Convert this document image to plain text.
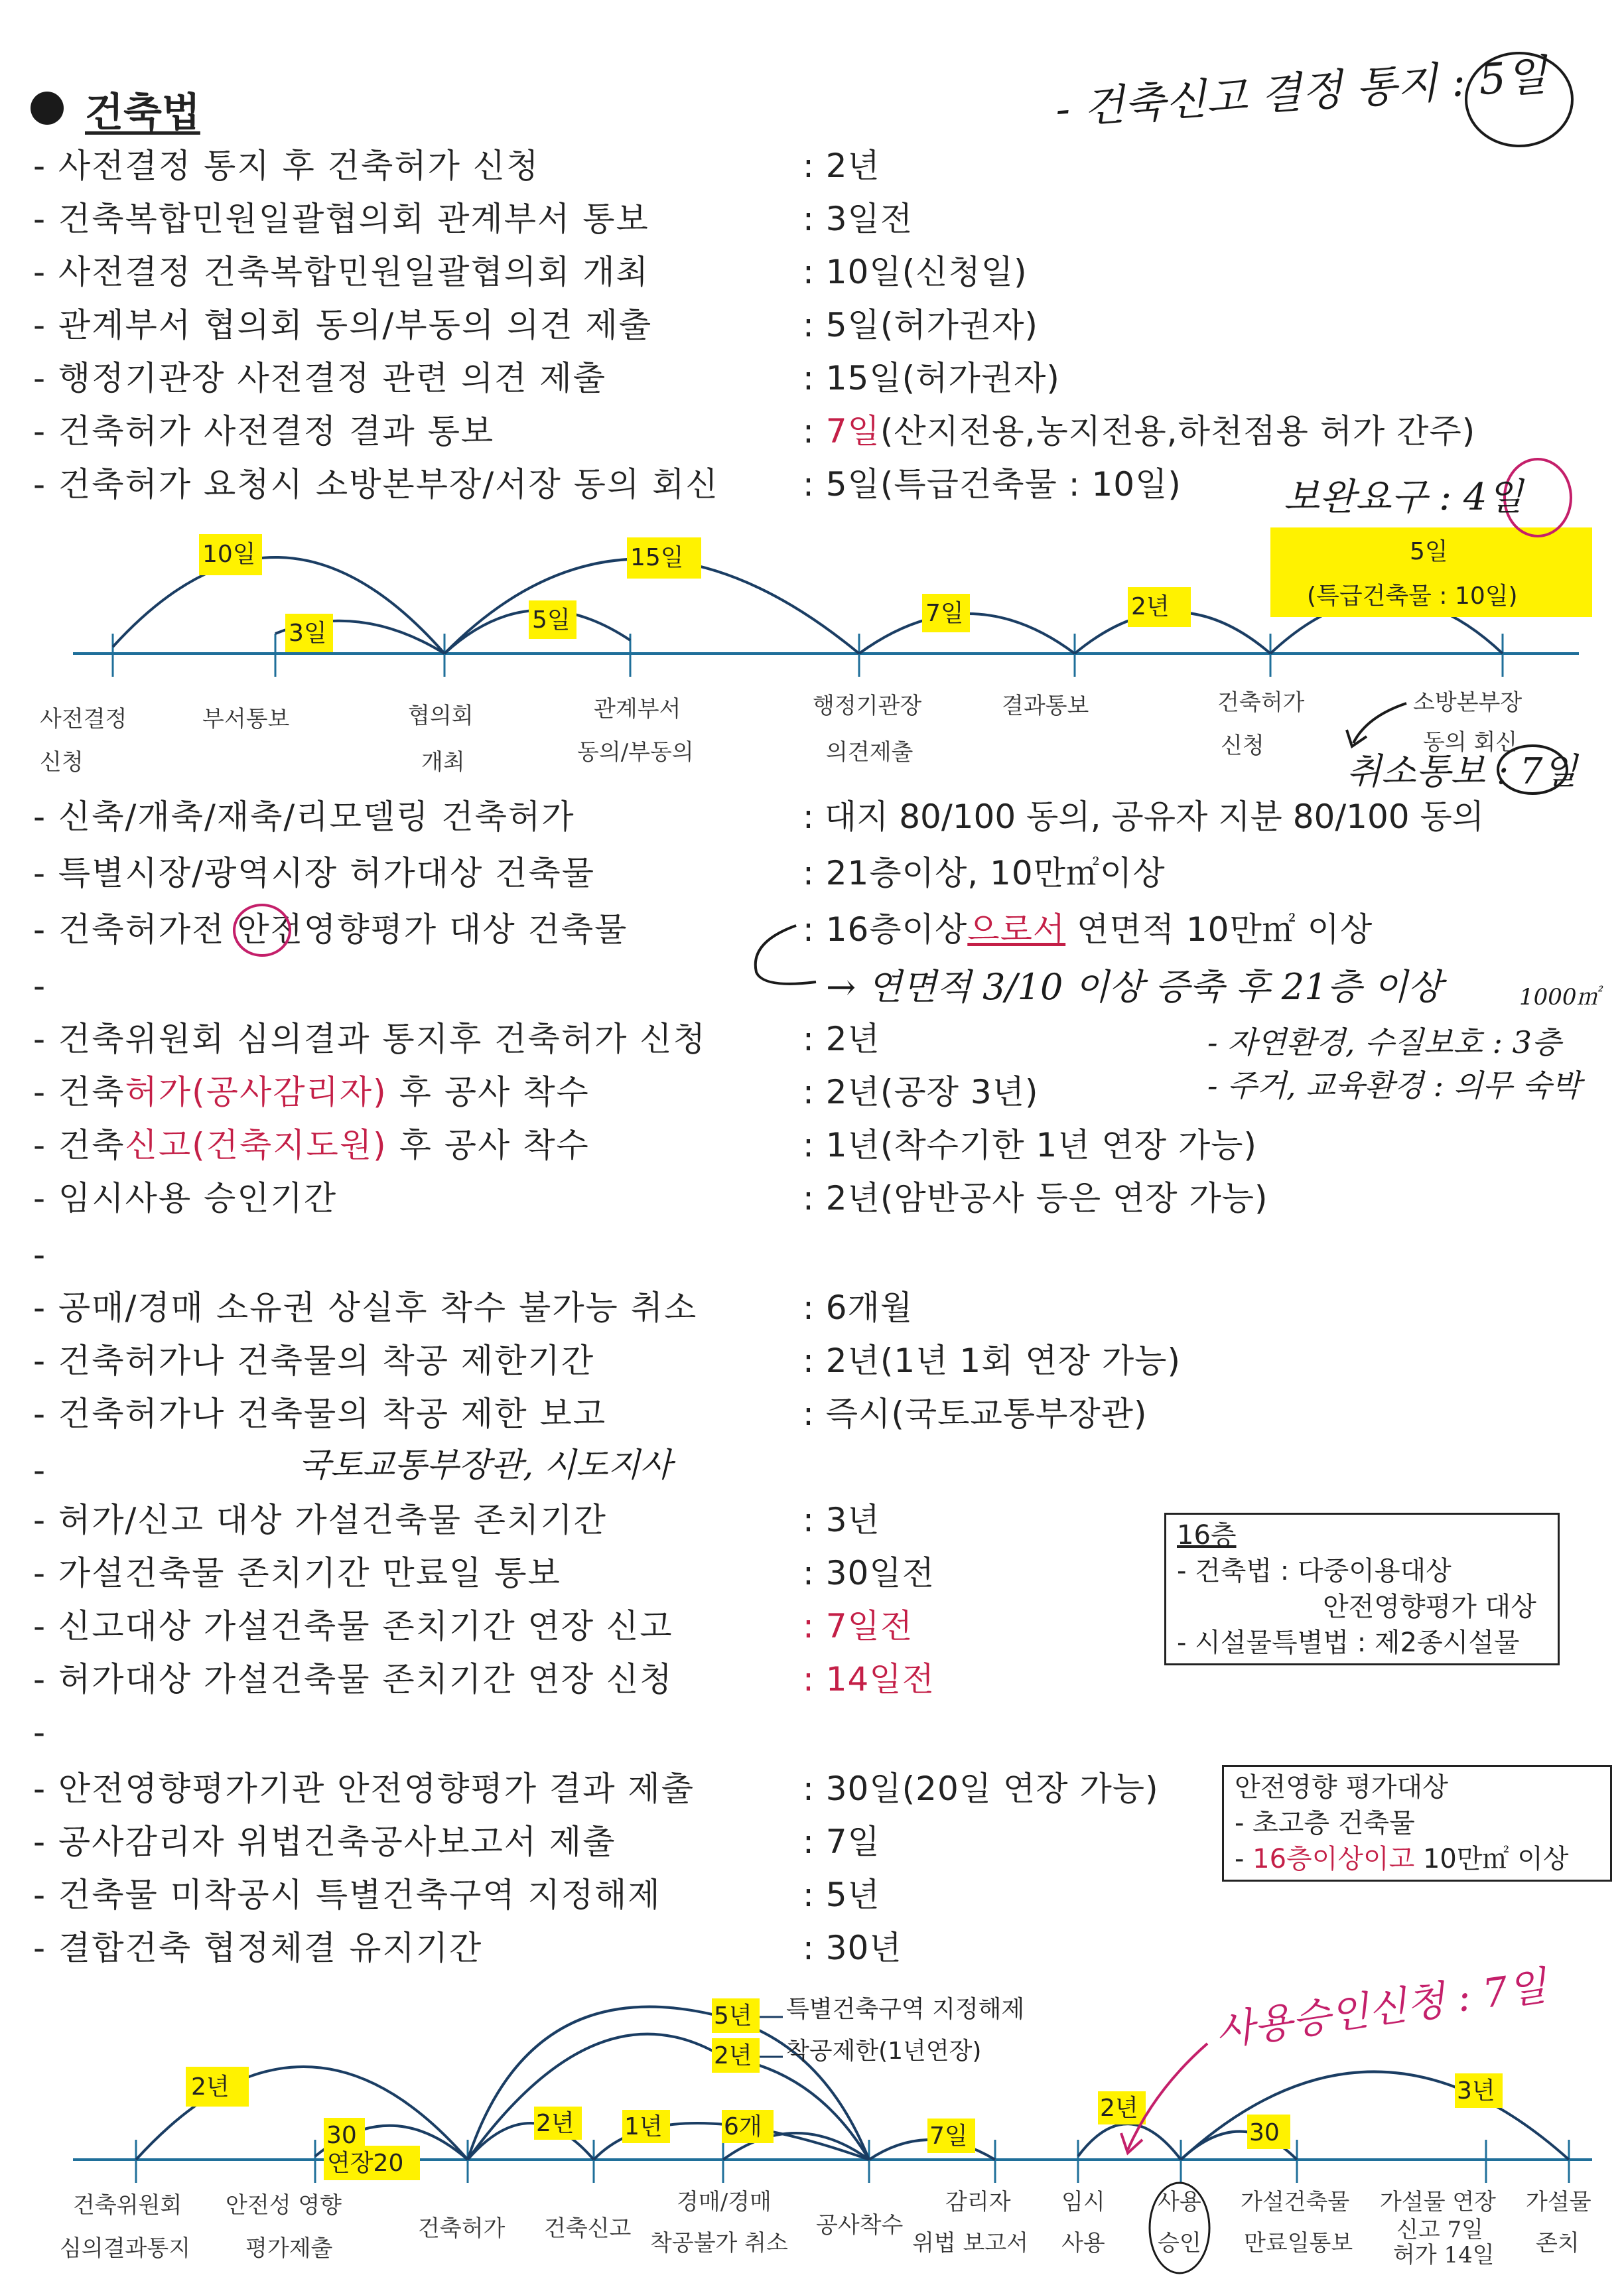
건축법	- 건축신고 결정 통지 : 5일
- 사전결정 통지 후 건축허가 신청	: 2년
- 건축복합민원일괄협의회 관계부서 통보	: 3일전
- 사전결정 건축복합민원일괄협의회 개최	: 10일(신청일)
- 관계부서 협의회 동의/부동의 의견 제출	: 5일(허가권자)
- 행정기관장 사전결정 관련 의견 제출	: 15일(허가권자)
- 건축허가 사전결정 결과 통보	: 7일(산지전용,농지전용,하천점용 허가 간주)
- 건축허가 요청시 소방본부장/서장 동의 회신	: 5일(특급건축물 : 10일)
10일
3일
15일
5일	7일	2년
5일
(특급건축물 : 10일)
사전결정
신청
부서통보	협의회
개최
관계부서
동의/부동의
행정기관장
의견제출
결과통보	건축허가
신청
소방본부장
동의 회신
보완요구 : 4일
취소통보 : 7일
- 신축/개축/재축/리모델링 건축허가	: 대지 80/100 동의, 공유자 지분 80/100 동의
- 특별시장/광역시장 허가대상 건축물	: 21층이상, 10만㎡이상
- 건축허가전 안전영향평가 대상 건축물	: 16층이상으로서 연면적 10만㎡ 이상
-
- 건축위원회 심의결과 통지후 건축허가 신청	: 2년
- 건축허가(공사감리자) 후 공사 착수	: 2년(공장 3년)
- 건축신고(건축지도원) 후 공사 착수	: 1년(착수기한 1년 연장 가능)
- 임시사용 승인기간	: 2년(암반공사 등은 연장 가능)
-
→ 연면적 3/10 이상 증축 후 21층 이상	1000㎡
- 자연환경, 수질보호 : 3층
- 주거, 교육환경 : 의무 숙박
- 공매/경매 소유권 상실후 착수 불가능 취소	: 6개월
- 건축허가나 건축물의 착공 제한기간	: 2년(1년 1회 연장 가능)
- 건축허가나 건축물의 착공 제한 보고	: 즉시(국토교통부장관)
국토교통부장관, 시도지사
-
- 허가/신고 대상 가설건축물 존치기간	: 3년
- 가설건축물 존치기간 만료일 통보	: 30일전
- 신고대상 가설건축물 존치기간 연장 신고	: 7일전
- 허가대상 가설건축물 존치기간 연장 신청	: 14일전
-
16층
- 건축법 : 다중이용대상
안전영향평가 대상
- 시설물특별법 : 제2종시설물
- 안전영향평가기관 안전영향평가 결과 제출	: 30일(20일 연장 가능)
- 공사감리자 위법건축공사보고서 제출	: 7일
- 건축물 미착공시 특별건축구역 지정해제	: 5년
- 결합건축 협정체결 유지기간	: 30년
안전영향 평가대상
- 초고층 건축물
- 16층이상이고 10만㎡ 이상
2년
30
연장20
2년 1년	6개
5년
2년
7일
2년
30
3년
특별건축구역 지정해제
착공제한(1년연장)
건축위원회
심의결과통지
안전성 영향
평가제출
건축허가 건축신고
경매/경매
착공불가 취소
공사착수
감리자
위법 보고서
임시
사용
사용
승인
가설건축물
만료일통보
가설물 연장
신고 7일
허가 14일
가설물
존치
사용승인신청 : 7일
